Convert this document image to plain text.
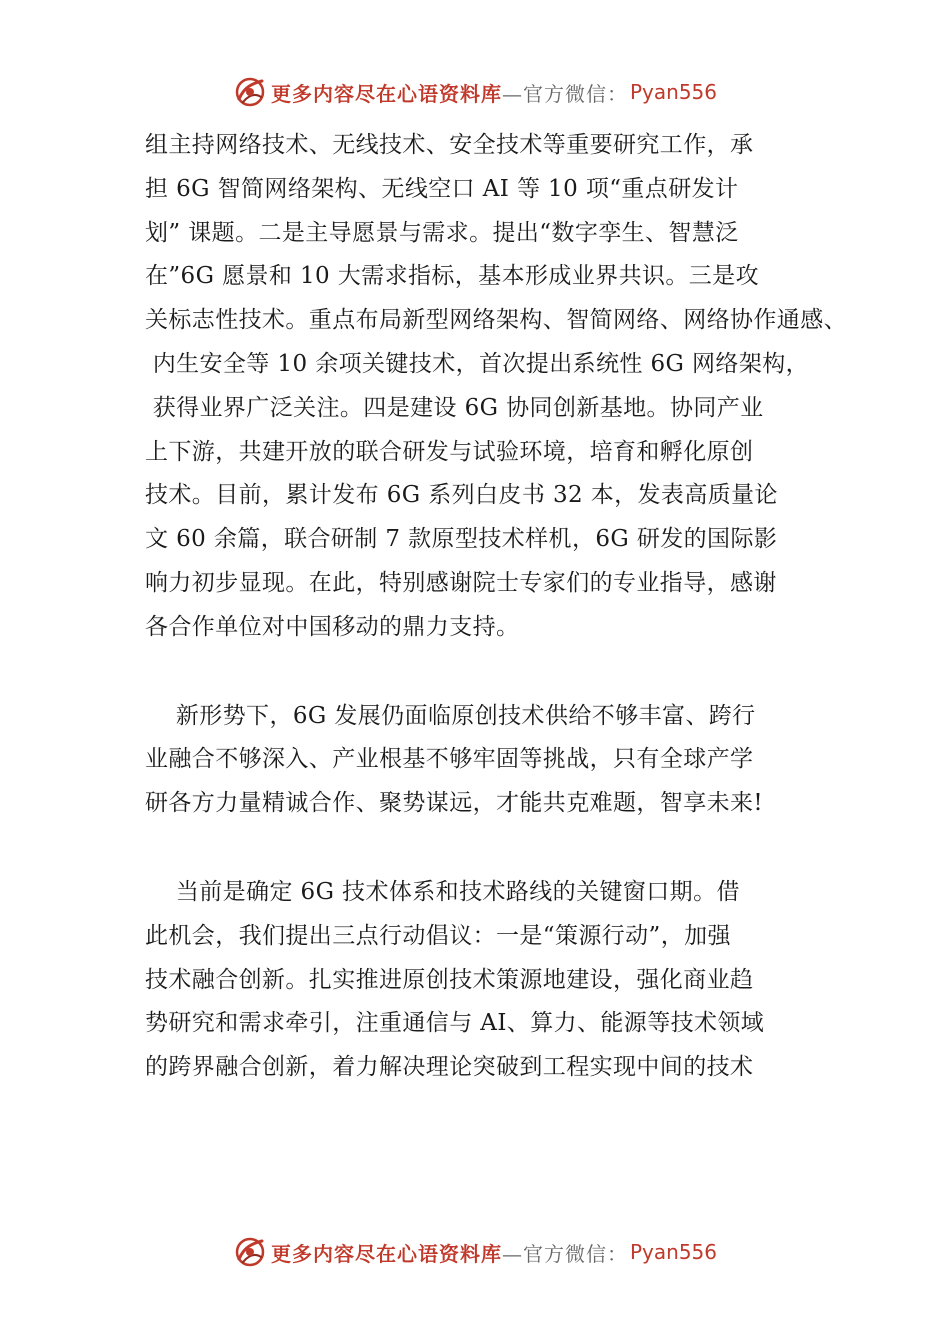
更多内容尽在心语资料库 —官方微信： Pyan556
组主持网络技术、无线技术、安全技术等重要研究工作，承
担 6G 智简网络架构、无线空口 AI 等 10 项“重点研发计
划” 课题。二是主导愿景与需求。提出“数字孪生、智慧泛
在”6G 愿景和 10 大需求指标，基本形成业界共识。三是攻
关标志性技术。重点布局新型网络架构、智简网络、网络协作通感、
内生安全等 10 余项关键技术，首次提出系统性 6G 网络架构，
获得业界广泛关注。四是建设 6G 协同创新基地。协同产业
上下游，共建开放的联合研发与试验环境，培育和孵化原创
技术。目前，累计发布 6G 系列白皮书 32 本，发表高质量论
文 60 余篇，联合研制 7 款原型技术样机，6G 研发的国际影
响力初步显现。在此，特别感谢院士专家们的专业指导，感谢
各合作单位对中国移动的鼎力支持。
新形势下，6G 发展仍面临原创技术供给不够丰富、跨行
业融合不够深入、产业根基不够牢固等挑战，只有全球产学
研各方力量精诚合作、聚势谋远，才能共克难题，智享未来!
当前是确定 6G 技术体系和技术路线的关键窗口期。借
此机会，我们提出三点行动倡议：一是“策源行动”，加强
技术融合创新。扎实推进原创技术策源地建设，强化商业趋
势研究和需求牵引，注重通信与 AI、算力、能源等技术领域
的跨界融合创新，着力解决理论突破到工程实现中间的技术
更多内容尽在心语资料库 —官方微信： Pyan556
